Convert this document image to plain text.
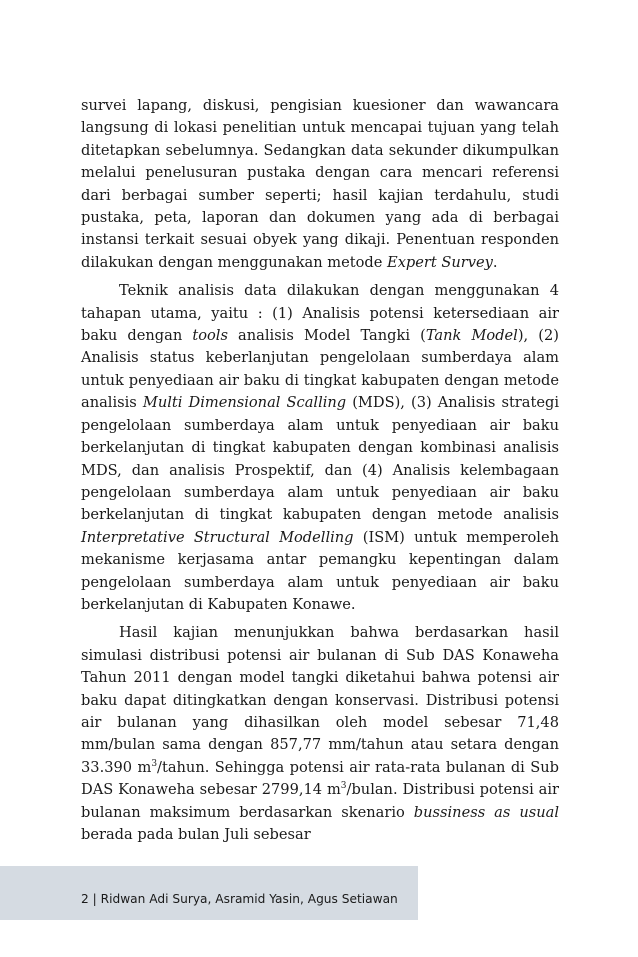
survei lapang, diskusi, pengisian kuesioner dan wawancara langsung di lokasi penelitian untuk mencapai tujuan yang telah ditetapkan sebelumnya. Sedangkan data sekunder dikumpulkan melalui penelusuran pustaka dengan cara mencari referensi dari berbagai sumber seperti; hasil kajian terdahulu, studi pustaka, peta, laporan dan dokumen yang ada di berbagai instansi terkait sesuai obyek yang dikaji. Penentuan responden dilakukan dengan menggunakan metode Expert Survey.

Teknik analisis data dilakukan dengan menggunakan 4 tahapan utama, yaitu : (1) Analisis potensi ketersediaan air baku dengan tools analisis Model Tangki (Tank Model), (2) Analisis status keberlanjutan pengelolaan sumberdaya alam untuk penyediaan air baku di tingkat kabupaten dengan metode analisis Multi Dimensional Scalling (MDS), (3) Analisis strategi pengelolaan sumberdaya alam untuk penyediaan air baku berkelanjutan di tingkat kabupaten dengan kombinasi analisis MDS, dan analisis Prospektif, dan (4) Analisis kelembagaan pengelolaan sumberdaya alam untuk penyediaan air baku berkelanjutan di tingkat kabupaten dengan metode analisis Interpretative Structural Modelling (ISM) untuk memperoleh mekanisme kerjasama antar pemangku kepentingan dalam pengelolaan sumberdaya alam untuk penyediaan air baku berkelanjutan di Kabupaten Konawe.

Hasil kajian menunjukkan bahwa berdasarkan hasil simulasi distribusi potensi air bulanan di Sub DAS Konaweha Tahun 2011 dengan model tangki diketahui bahwa potensi air baku dapat ditingkatkan dengan konservasi. Distribusi potensi air bulanan yang dihasilkan oleh model sebesar 71,48 mm/bulan sama dengan 857,77 mm/tahun atau setara dengan 33.390 $m^3$/tahun. Sehingga potensi air rata-rata bulanan di Sub DAS Konaweha sebesar 2799,14 $m^3$/bulan. Distribusi potensi air bulanan maksimum berdasarkan skenario bussiness as usual berada pada bulan Juli sebesar

2 | Ridwan Adi Surya, Asramid Yasin, Agus Setiawan
